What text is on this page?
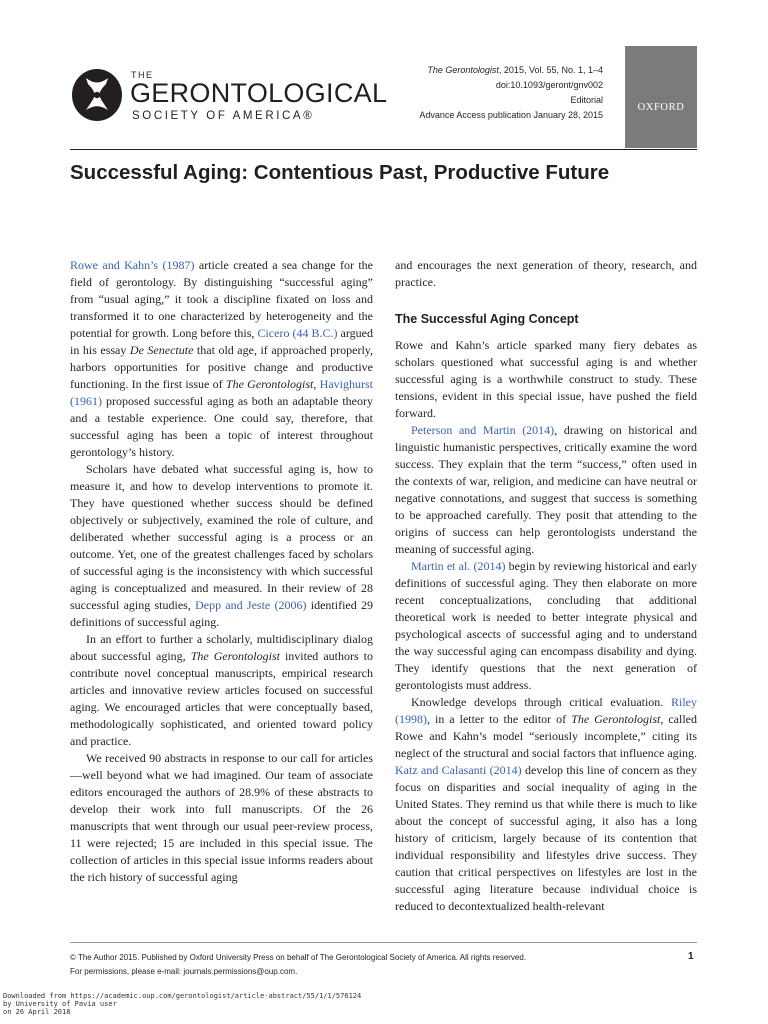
THE
GERONTOLOGICAL
SOCIETY OF AMERICA®
The Gerontologist, 2015, Vol. 55, No. 1, 1–4
doi:10.1093/geront/gnv002
Editorial
Advance Access publication January 28, 2015
OXFORD
Successful Aging: Contentious Past, Productive Future

Rowe and Kahn’s (1987) article created a sea change for the field of gerontology. By distinguishing “successful aging” from “usual aging,” it took a discipline fixated on loss and transformed it to one characterized by heterogeneity and the potential for growth. Long before this, Cicero (44 B.C.) argued in his essay De Senectute that old age, if approached properly, harbors opportunities for positive change and productive functioning. In the first issue of The Gerontologist, Havighurst (1961) proposed successful aging as both an adaptable theory and a testable experience. One could say, therefore, that successful aging has been a topic of interest throughout gerontology’s history.

Scholars have debated what successful aging is, how to measure it, and how to develop interventions to promote it. They have questioned whether success should be defined objectively or subjectively, examined the role of culture, and deliberated whether successful aging is a process or an outcome. Yet, one of the greatest challenges faced by scholars of successful aging is the inconsistency with which successful aging is conceptualized and measured. In their review of 28 successful aging studies, Depp and Jeste (2006) identified 29 definitions of successful aging.

In an effort to further a scholarly, multidisciplinary dialog about successful aging, The Gerontologist invited authors to contribute novel conceptual manuscripts, empirical research articles and innovative review articles focused on successful aging. We encouraged articles that were conceptually based, methodologically sophisticated, and oriented toward policy and practice.

We received 90 abstracts in response to our call for articles—well beyond what we had imagined. Our team of associate editors encouraged the authors of 28.9% of these abstracts to develop their work into full manuscripts. Of the 26 manuscripts that went through our usual peer-review process, 11 were rejected; 15 are included in this special issue. The collection of articles in this special issue informs readers about the rich history of successful aging

and encourages the next generation of theory, research, and practice.

The Successful Aging Concept

Rowe and Kahn’s article sparked many fiery debates as scholars questioned what successful aging is and whether successful aging is a worthwhile construct to study. These tensions, evident in this special issue, have pushed the field forward.

Peterson and Martin (2014), drawing on historical and linguistic humanistic perspectives, critically examine the word success. They explain that the term “success,” often used in the contexts of war, religion, and medicine can have neutral or negative connotations, and suggest that success is something to be approached carefully. They posit that attending to the origins of success can help gerontologists understand the meaning of successful aging.

Martin et al. (2014) begin by reviewing historical and early definitions of successful aging. They then elaborate on more recent conceptualizations, concluding that additional theoretical work is needed to better integrate physical and psychological ascects of successful aging and to understand the way successful aging can encompass disability and dying. They identify questions that the next generation of gerontologists must address.

Knowledge develops through critical evaluation. Riley (1998), in a letter to the editor of The Gerontologist, called Rowe and Kahn’s model “seriously incomplete,” citing its neglect of the structural and social factors that influence aging. Katz and Calasanti (2014) develop this line of concern as they focus on disparities and social inequality of aging in the United States. They remind us that while there is much to like about the concept of successful aging, it also has a long history of criticism, largely because of its contention that individual responsibility and lifestyles drive success. They caution that critical perspectives on lifestyles are lost in the successful aging literature because individual choice is reduced to decontextualized health-relevant

© The Author 2015. Published by Oxford University Press on behalf of The Gerontological Society of America. All rights reserved.
For permissions, please e-mail: journals.permissions@oup.com.
1
Downloaded from https://academic.oup.com/gerontologist/article-abstract/55/1/1/576124
by University of Pavia user
on 26 April 2018
